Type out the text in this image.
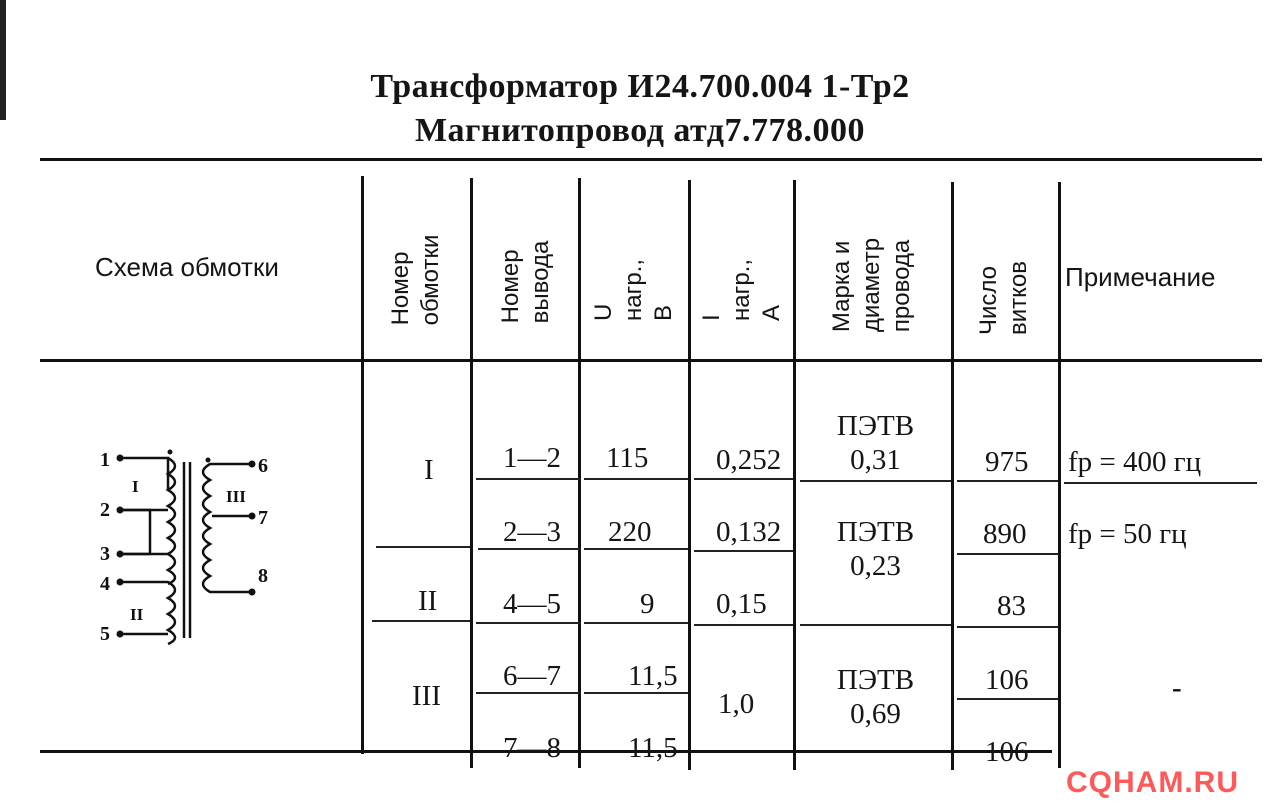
Трансформатор И24.700.004 1-Тр2
Магнитопровод атд7.778.000
Схема обмотки	Номер обмотки Номер вывода U нагр., В I нагр., А Марка и диаметр провода	Число витков Примечание
I
II
III
1—2
2—3
4—5
6—7
7—8
115
220
9
11,5
11,5
0,252
0,132
0,15
1,0
ПЭТВ
0,31
ПЭТВ
0,23
ПЭТВ
0,69
975
890
83
106
106
fр = 400 гц
fр = 50 гц
-
1
2
3
4
5
6
7
8
I
II
III
CQHAM.RU
